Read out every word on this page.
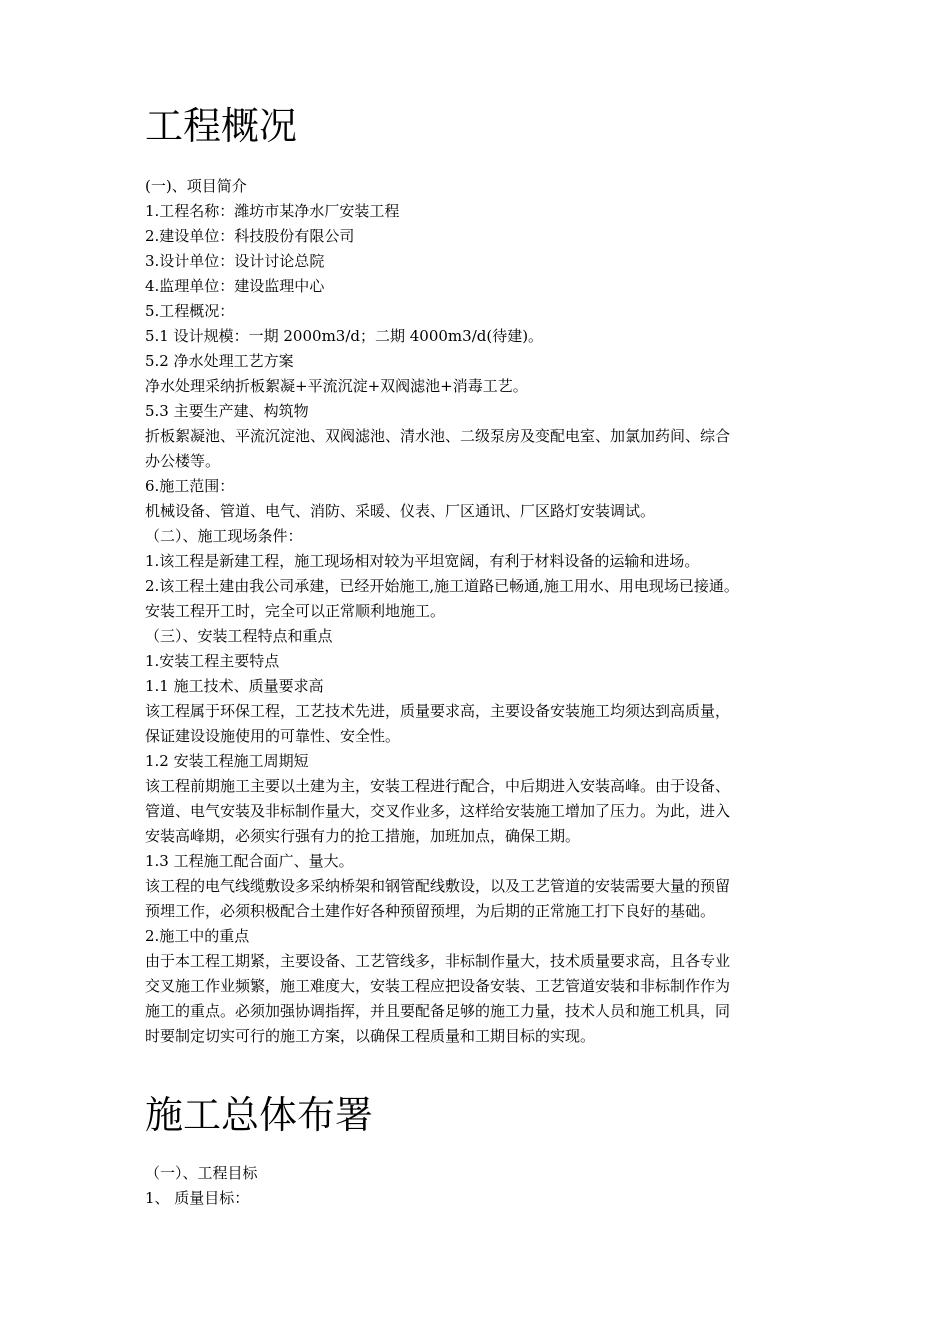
工程概况

(一)、项目简介

1.工程名称：潍坊市某净水厂安装工程

2.建设单位：科技股份有限公司

3.设计单位：设计讨论总院

4.监理单位：建设监理中心

5.工程概况：

5.1 设计规模：一期 2000m3/d；二期 4000m3/d(待建)。

5.2 净水处理工艺方案

净水处理采纳折板絮凝+平流沉淀+双阀滤池+消毒工艺。

5.3 主要生产建、构筑物

折板絮凝池、平流沉淀池、双阀滤池、清水池、二级泵房及变配电室、加氯加药间、综合

办公楼等。

6.施工范围：

机械设备、管道、电气、消防、采暖、仪表、厂区通讯、厂区路灯安装调试。

（二）、施工现场条件：

1.该工程是新建工程，施工现场相对较为平坦宽阔，有利于材料设备的运输和进场。

2.该工程土建由我公司承建，已经开始施工,施工道路已畅通,施工用水、用电现场已接通。

安装工程开工时，完全可以正常顺利地施工。

（三）、安装工程特点和重点

1.安装工程主要特点

1.1 施工技术、质量要求高

该工程属于环保工程，工艺技术先进，质量要求高，主要设备安装施工均须达到高质量，

保证建设设施使用的可靠性、安全性。

1.2 安装工程施工周期短

该工程前期施工主要以土建为主，安装工程进行配合，中后期进入安装高峰。由于设备、

管道、电气安装及非标制作量大，交叉作业多，这样给安装施工增加了压力。为此，进入

安装高峰期，必须实行强有力的抢工措施，加班加点，确保工期。

1.3 工程施工配合面广、量大。

该工程的电气线缆敷设多采纳桥架和钢管配线敷设，以及工艺管道的安装需要大量的预留

预埋工作，必须积极配合土建作好各种预留预埋，为后期的正常施工打下良好的基础。

2.施工中的重点

由于本工程工期紧，主要设备、工艺管线多，非标制作量大，技术质量要求高，且各专业

交叉施工作业频繁，施工难度大，安装工程应把设备安装、工艺管道安装和非标制作作为

施工的重点。必须加强协调指挥，并且要配备足够的施工力量，技术人员和施工机具，同

时要制定切实可行的施工方案，以确保工程质量和工期目标的实现。

施工总体布署

（一）、工程目标

1、 质量目标：
